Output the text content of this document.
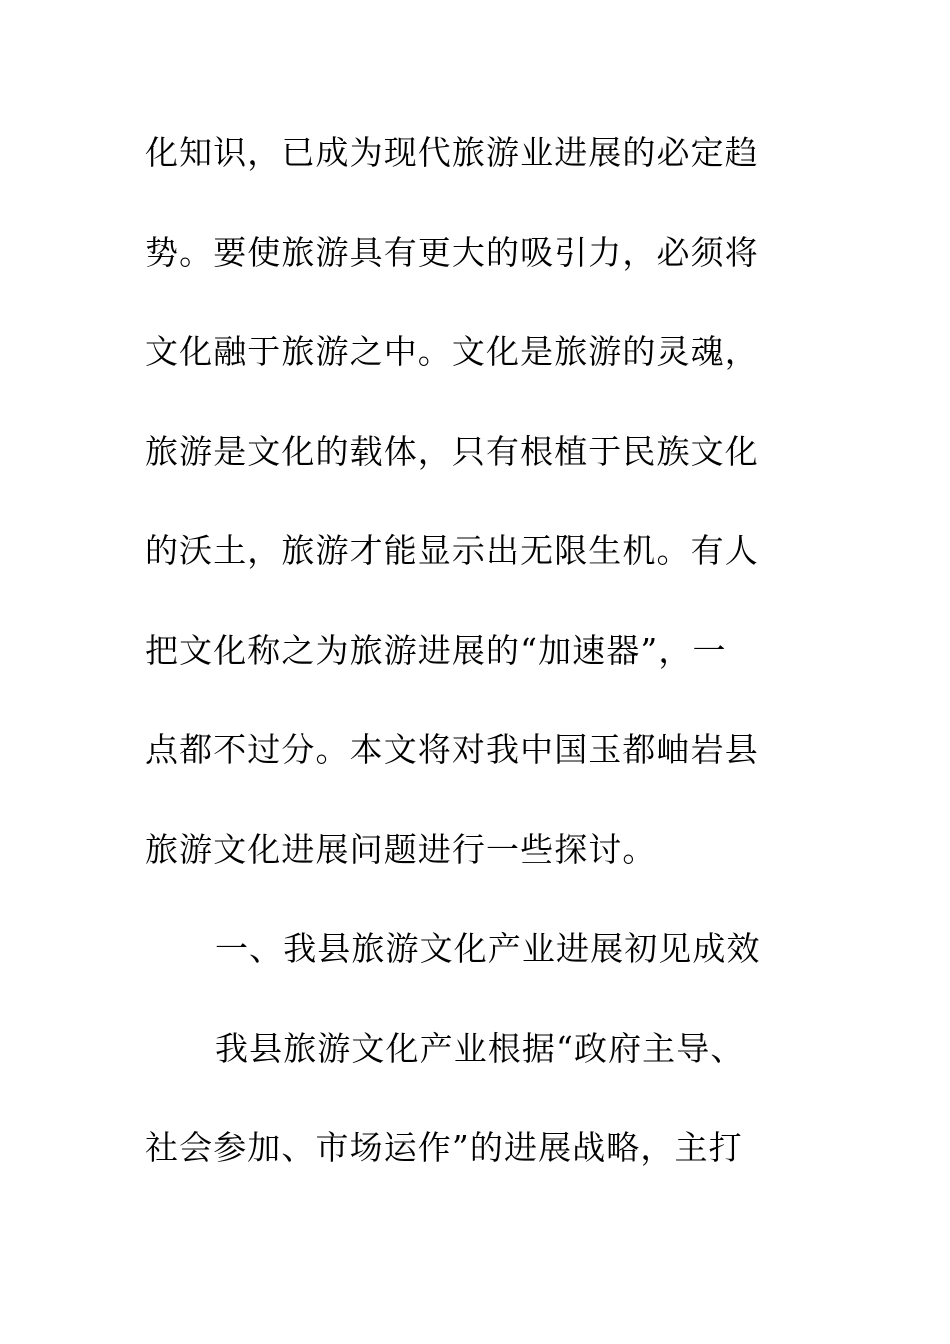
化知识，已成为现代旅游业进展的必定趋
势。要使旅游具有更大的吸引力，必须将
文化融于旅游之中。文化是旅游的灵魂，
旅游是文化的载体，只有根植于民族文化
的沃土，旅游才能显示出无限生机。有人
把文化称之为旅游进展的“加速器”，一
点都不过分。本文将对我中国玉都岫岩县
旅游文化进展问题进行一些探讨。
一、我县旅游文化产业进展初见成效
我县旅游文化产业根据“政府主导、
社会参加、市场运作”的进展战略，主打
